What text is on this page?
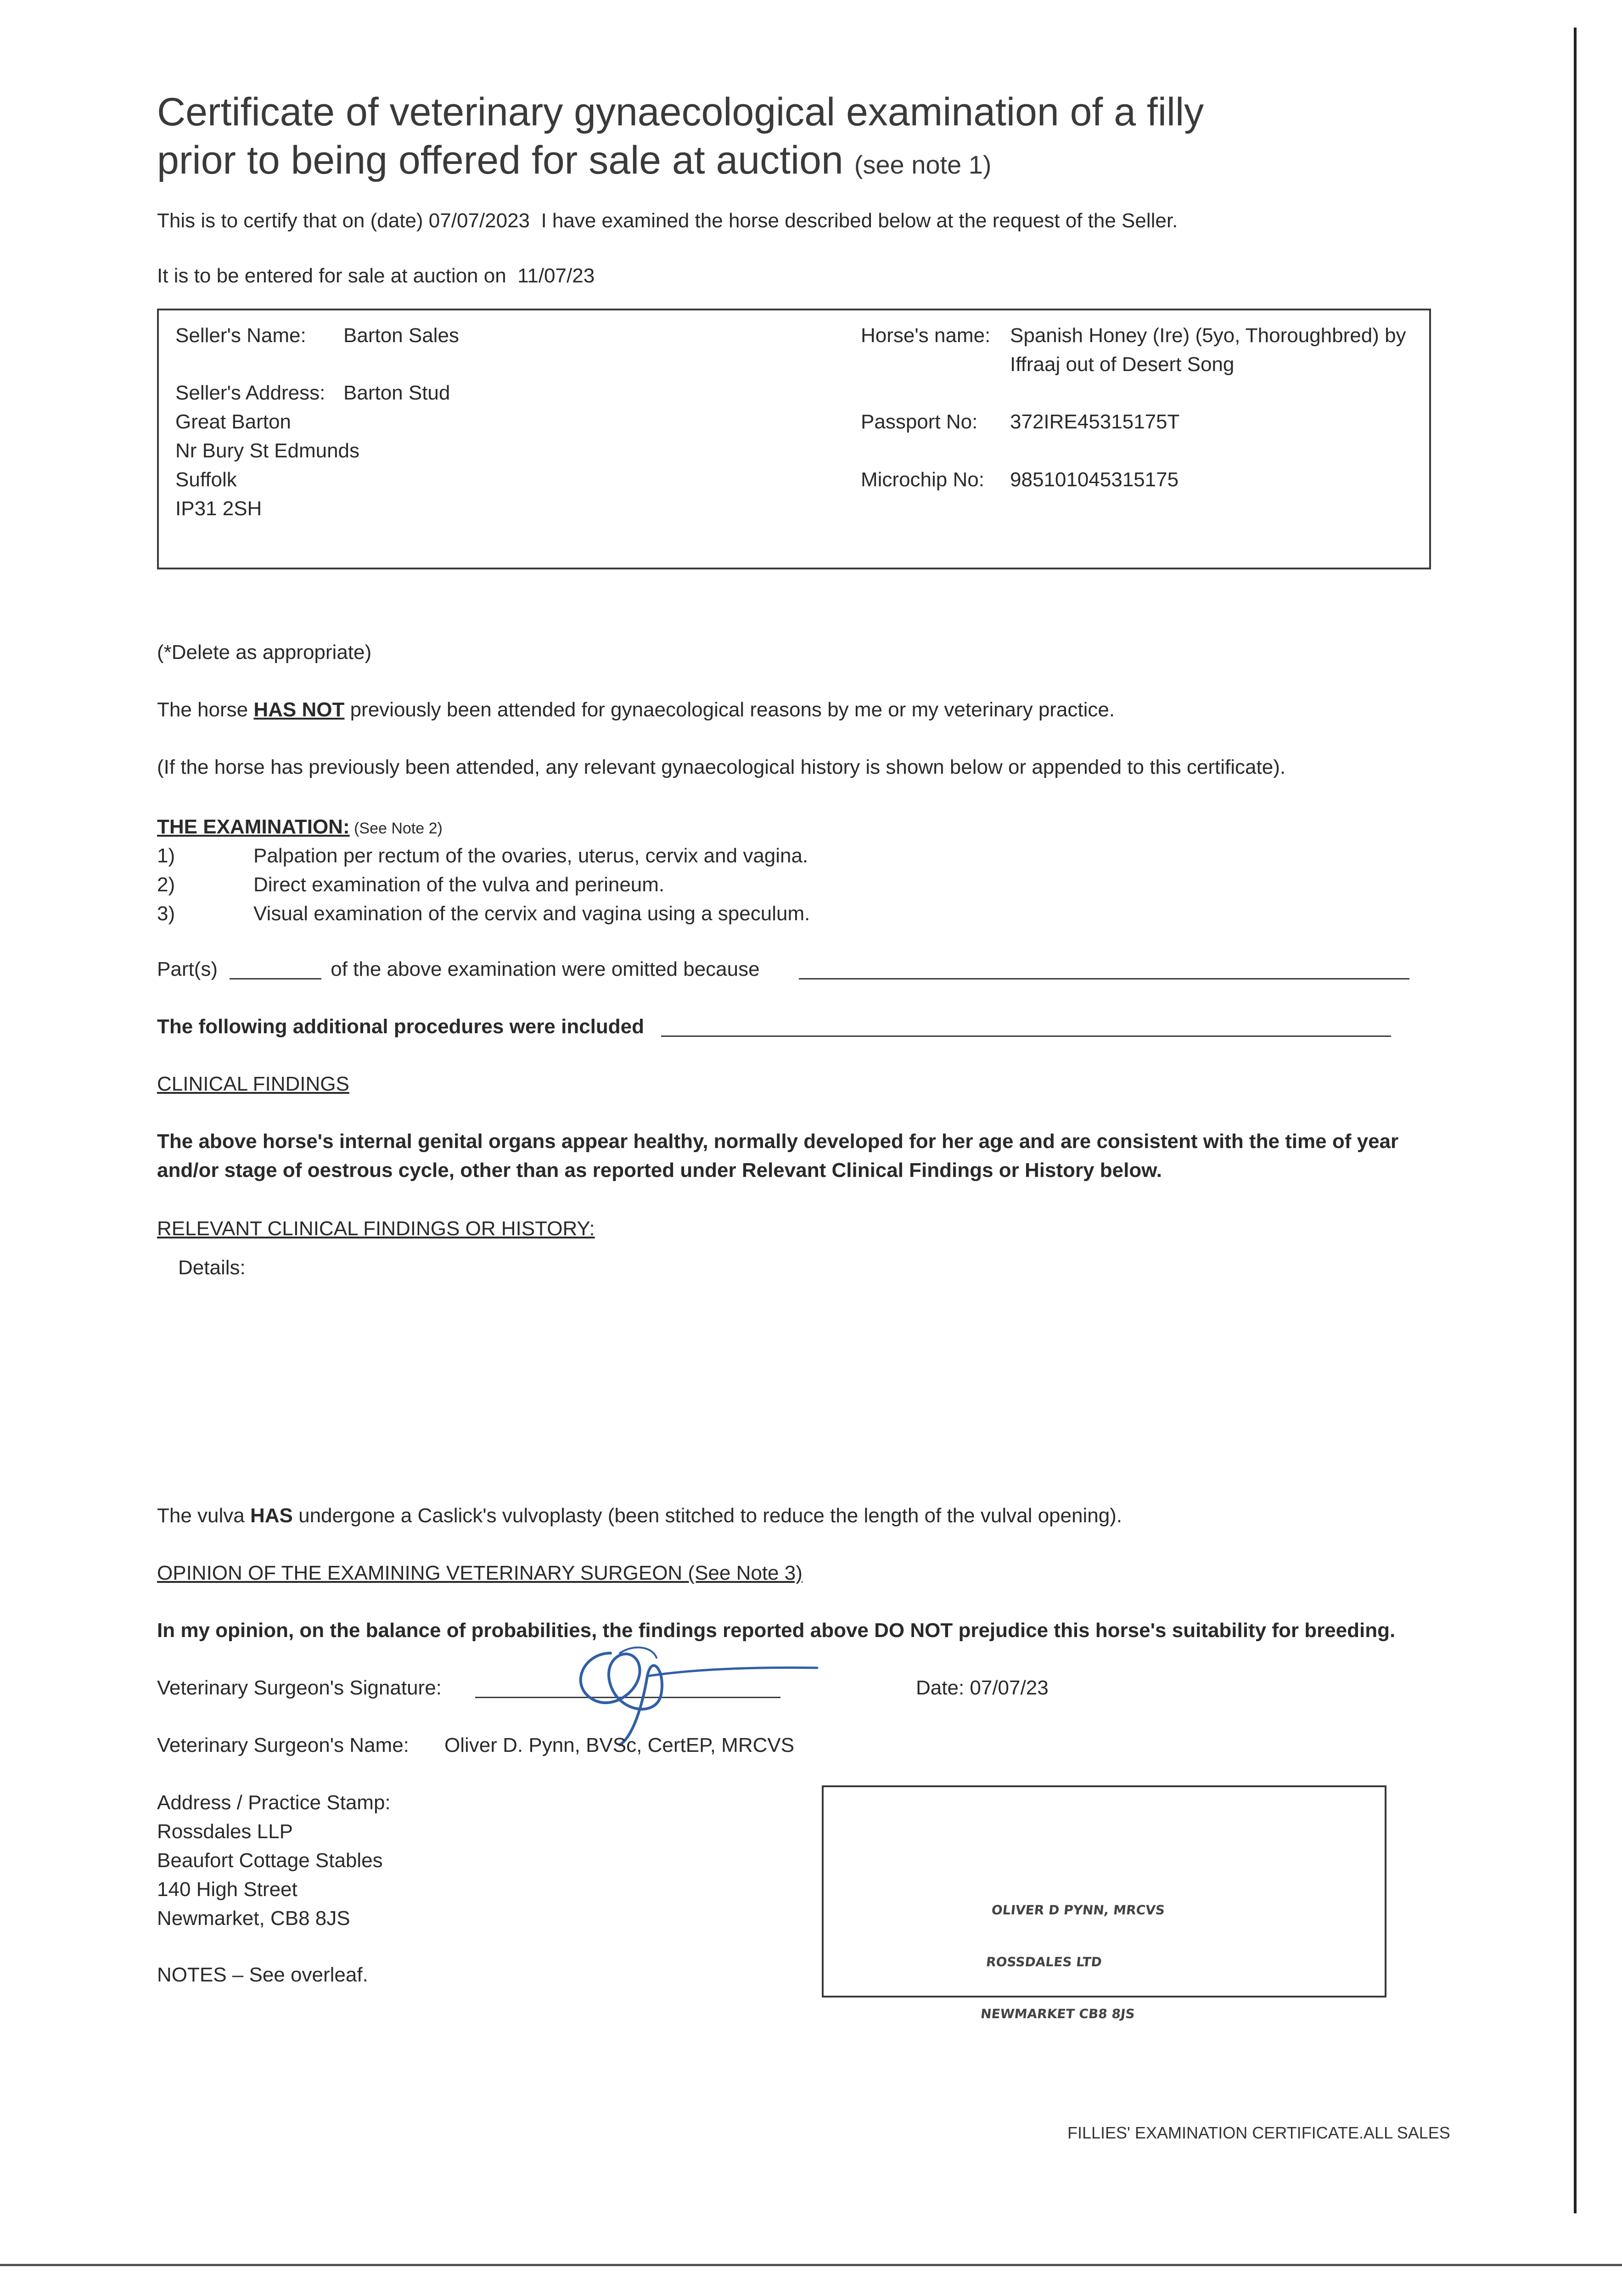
Certificate of veterinary gynaecological examination of a filly
prior to being offered for sale at auction (see note 1)
This is to certify that on (date) 07/07/2023  I have examined the horse described below at the request of the Seller.
It is to be entered for sale at auction on  11/07/23
Seller's Name: Barton Sales
Seller's Address: Barton Stud
Great Barton
Nr Bury St Edmunds
Suffolk
IP31 2SH
Horse's name: Spanish Honey (Ire) (5yo, Thoroughbred) by
Iffraaj out of Desert Song
Passport No: 372IRE45315175T
Microchip No: 985101045315175
(*Delete as appropriate)
The horse HAS NOT previously been attended for gynaecological reasons by me or my veterinary practice.
(If the horse has previously been attended, any relevant gynaecological history is shown below or appended to this certificate).
THE EXAMINATION: (See Note 2)
1)	Palpation per rectum of the ovaries, uterus, cervix and vagina.
2)	Direct examination of the vulva and perineum.
3)	Visual examination of the cervix and vagina using a speculum.
Part(s)	of the above examination were omitted because
The following additional procedures were included
CLINICAL FINDINGS
The above horse's internal genital organs appear healthy, normally developed for her age and are consistent with the time of year
and/or stage of oestrous cycle, other than as reported under Relevant Clinical Findings or History below.
RELEVANT CLINICAL FINDINGS OR HISTORY:
Details:
The vulva HAS undergone a Caslick's vulvoplasty (been stitched to reduce the length of the vulval opening).
OPINION OF THE EXAMINING VETERINARY SURGEON (See Note 3)
In my opinion, on the balance of probabilities, the findings reported above DO NOT prejudice this horse's suitability for breeding.
Veterinary Surgeon's Signature:	Date: 07/07/23
Veterinary Surgeon's Name: Oliver D. Pynn, BVSc, CertEP, MRCVS
Address / Practice Stamp:
Rossdales LLP
Beaufort Cottage Stables
140 High Street
Newmarket, CB8 8JS

	OLIVER D PYNN, MRCVS

ROSSDALES LTD

NEWMARKET CB8 8JS

NOTES – See overleaf.
FILLIES' EXAMINATION CERTIFICATE.ALL SALES
